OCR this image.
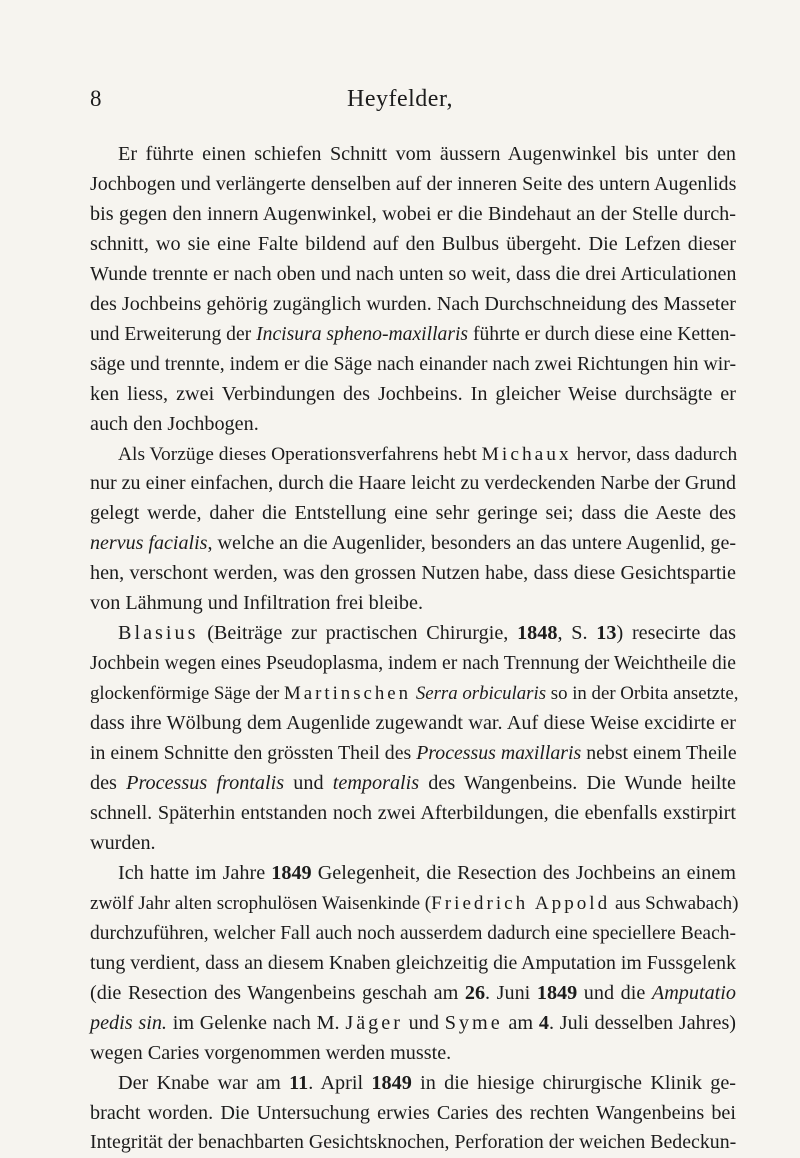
8	Heyfelder,
Er führte einen schiefen Schnitt vom äussern Augenwinkel bis unter den
Jochbogen und verlängerte denselben auf der inneren Seite des untern Augenlids
bis gegen den innern Augenwinkel, wobei er die Bindehaut an der Stelle durch-
schnitt, wo sie eine Falte bildend auf den Bulbus übergeht. Die Lefzen dieser
Wunde trennte er nach oben und nach unten so weit, dass die drei Articulationen
des Jochbeins gehörig zugänglich wurden. Nach Durchschneidung des Masseter
und Erweiterung der Incisura spheno-maxillaris führte er durch diese eine Ketten-
säge und trennte, indem er die Säge nach einander nach zwei Richtungen hin wir-
ken liess, zwei Verbindungen des Jochbeins. In gleicher Weise durchsägte er
auch den Jochbogen.
Als Vorzüge dieses Operationsverfahrens hebt Michaux hervor, dass dadurch
nur zu einer einfachen, durch die Haare leicht zu verdeckenden Narbe der Grund
gelegt werde, daher die Entstellung eine sehr geringe sei; dass die Aeste des
nervus facialis, welche an die Augenlider, besonders an das untere Augenlid, ge-
hen, verschont werden, was den grossen Nutzen habe, dass diese Gesichtspartie
von Lähmung und Infiltration frei bleibe.
Blasius (Beiträge zur practischen Chirurgie, 1848, S. 13) resecirte das
Jochbein wegen eines Pseudoplasma, indem er nach Trennung der Weichtheile die
glockenförmige Säge der Martinschen Serra orbicularis so in der Orbita ansetzte,
dass ihre Wölbung dem Augenlide zugewandt war. Auf diese Weise excidirte er
in einem Schnitte den grössten Theil des Processus maxillaris nebst einem Theile
des Processus frontalis und temporalis des Wangenbeins. Die Wunde heilte
schnell. Späterhin entstanden noch zwei Afterbildungen, die ebenfalls exstirpirt
wurden.
Ich hatte im Jahre 1849 Gelegenheit, die Resection des Jochbeins an einem
zwölf Jahr alten scrophulösen Waisenkinde (Friedrich Appold aus Schwabach)
durchzuführen, welcher Fall auch noch ausserdem dadurch eine speciellere Beach-
tung verdient, dass an diesem Knaben gleichzeitig die Amputation im Fussgelenk
(die Resection des Wangenbeins geschah am 26. Juni 1849 und die Amputatio
pedis sin. im Gelenke nach M. Jäger und Syme am 4. Juli desselben Jahres)
wegen Caries vorgenommen werden musste.
Der Knabe war am 11. April 1849 in die hiesige chirurgische Klinik ge-
bracht worden. Die Untersuchung erwies Caries des rechten Wangenbeins bei
Integrität der benachbarten Gesichtsknochen, Perforation der weichen Bedeckun-
